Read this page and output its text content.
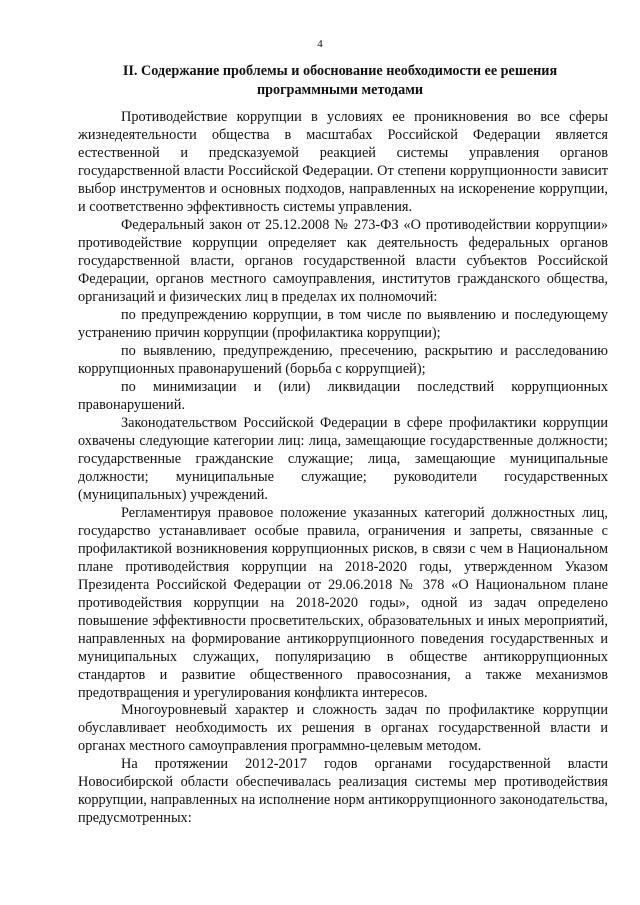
4
II. Содержание проблемы и обоснование необходимости ее решения программными методами

Противодействие коррупции в условиях ее проникновения во все сферы жизнедеятельности общества в масштабах Российской Федерации является естественной и предсказуемой реакцией системы управления органов государственной власти Российской Федерации. От степени коррупционности зависит выбор инструментов и основных подходов, направленных на искоренение коррупции, и соответственно эффективность системы управления.

Федеральный закон от 25.12.2008 № 273-ФЗ «О противодействии коррупции» противодействие коррупции определяет как деятельность федеральных органов государственной власти, органов государственной власти субъектов Российской Федерации, органов местного самоуправления, институтов гражданского общества, организаций и физических лиц в пределах их полномочий:

по предупреждению коррупции, в том числе по выявлению и последующему устранению причин коррупции (профилактика коррупции);

по выявлению, предупреждению, пресечению, раскрытию и расследованию коррупционных правонарушений (борьба с коррупцией);

по минимизации и (или) ликвидации последствий коррупционных правонарушений.

Законодательством Российской Федерации в сфере профилактики коррупции охвачены следующие категории лиц: лица, замещающие государственные должности; государственные гражданские служащие; лица, замещающие муниципальные должности; муниципальные служащие; руководители государственных (муниципальных) учреждений.

Регламентируя правовое положение указанных категорий должностных лиц, государство устанавливает особые правила, ограничения и запреты, связанные с профилактикой возникновения коррупционных рисков, в связи с чем в Национальном плане противодействия коррупции на 2018-2020 годы, утвержденном Указом Президента Российской Федерации от 29.06.2018 № 378 «О Национальном плане противодействия коррупции на 2018-2020 годы», одной из задач определено повышение эффективности просветительских, образовательных и иных мероприятий, направленных на формирование антикоррупционного поведения государственных и муниципальных служащих, популяризацию в обществе антикоррупционных стандартов и развитие общественного правосознания, а также механизмов предотвращения и урегулирования конфликта интересов.

Многоуровневый характер и сложность задач по профилактике коррупции обуславливает необходимость их решения в органах государственной власти и органах местного самоуправления программно-целевым методом.

На протяжении 2012-2017 годов органами государственной власти Новосибирской области обеспечивалась реализация системы мер противодействия коррупции, направленных на исполнение норм антикоррупционного законодательства, предусмотренных:
